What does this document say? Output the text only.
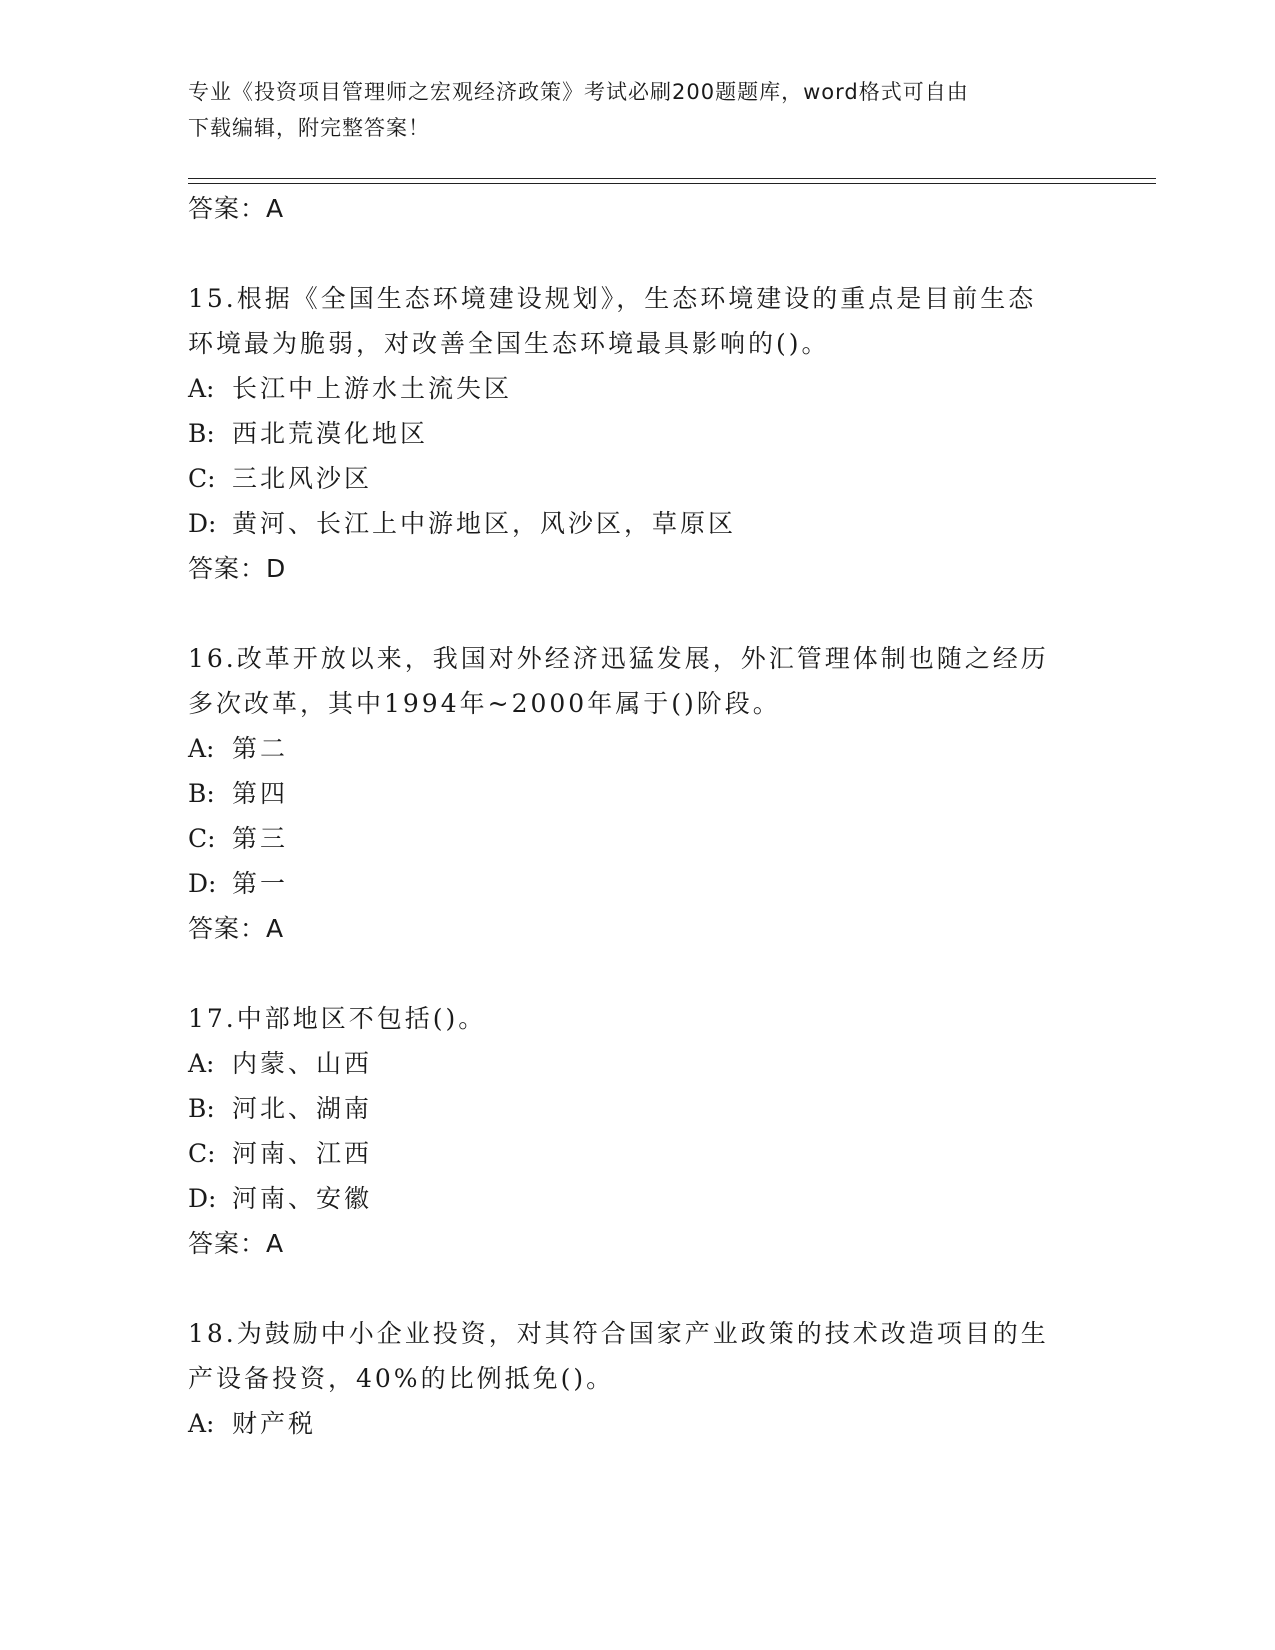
专业《投资项目管理师之宏观经济政策》考试必刷200题题库，word格式可自由
下载编辑，附完整答案！
答案：A
15.根据《全国生态环境建设规划》，生态环境建设的重点是目前生态
环境最为脆弱，对改善全国生态环境最具影响的()。
A: 长江中上游水土流失区
B: 西北荒漠化地区
C: 三北风沙区
D: 黄河、长江上中游地区，风沙区，草原区
答案：D
16.改革开放以来，我国对外经济迅猛发展，外汇管理体制也随之经历
多次改革，其中1994年~2000年属于()阶段。
A: 第二
B: 第四
C: 第三
D: 第一
答案：A
17.中部地区不包括()。
A: 内蒙、山西
B: 河北、湖南
C: 河南、江西
D: 河南、安徽
答案：A
18.为鼓励中小企业投资，对其符合国家产业政策的技术改造项目的生
产设备投资，40%的比例抵免()。
A: 财产税
